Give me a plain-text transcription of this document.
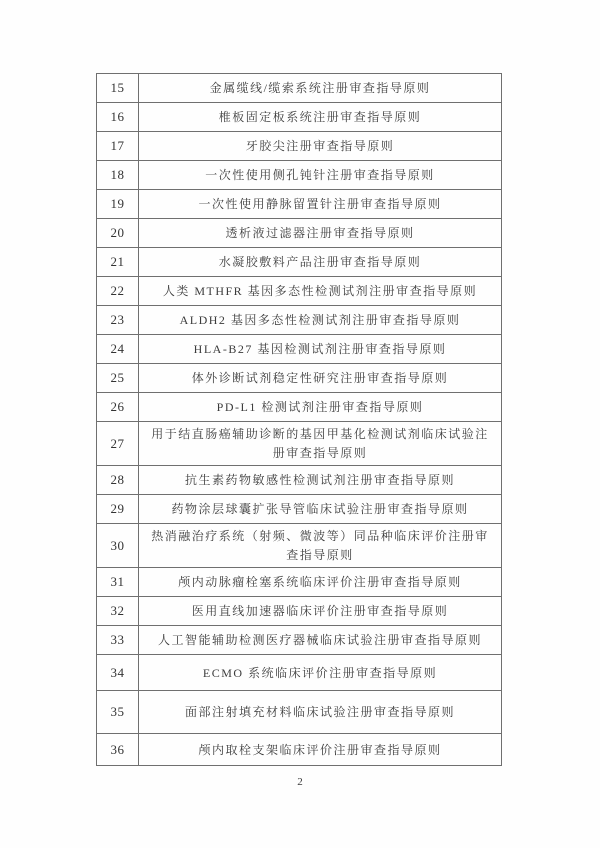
15	金属缆线/缆索系统注册审查指导原则
16	椎板固定板系统注册审查指导原则
17	牙胶尖注册审查指导原则
18	一次性使用侧孔钝针注册审查指导原则
19	一次性使用静脉留置针注册审查指导原则
20	透析液过滤器注册审查指导原则
21	水凝胶敷料产品注册审查指导原则
22	人类 MTHFR 基因多态性检测试剂注册审查指导原则
23	ALDH2 基因多态性检测试剂注册审查指导原则
24	HLA-B27 基因检测试剂注册审查指导原则
25	体外诊断试剂稳定性研究注册审查指导原则
26	PD-L1 检测试剂注册审查指导原则
27	用于结直肠癌辅助诊断的基因甲基化检测试剂临床试验注册审查指导原则
28	抗生素药物敏感性检测试剂注册审查指导原则
29	药物涂层球囊扩张导管临床试验注册审查指导原则
30	热消融治疗系统（射频、微波等）同品种临床评价注册审查指导原则
31	颅内动脉瘤栓塞系统临床评价注册审查指导原则
32	医用直线加速器临床评价注册审查指导原则
33	人工智能辅助检测医疗器械临床试验注册审查指导原则
34	ECMO 系统临床评价注册审查指导原则
35	面部注射填充材料临床试验注册审查指导原则
36	颅内取栓支架临床评价注册审查指导原则
2
